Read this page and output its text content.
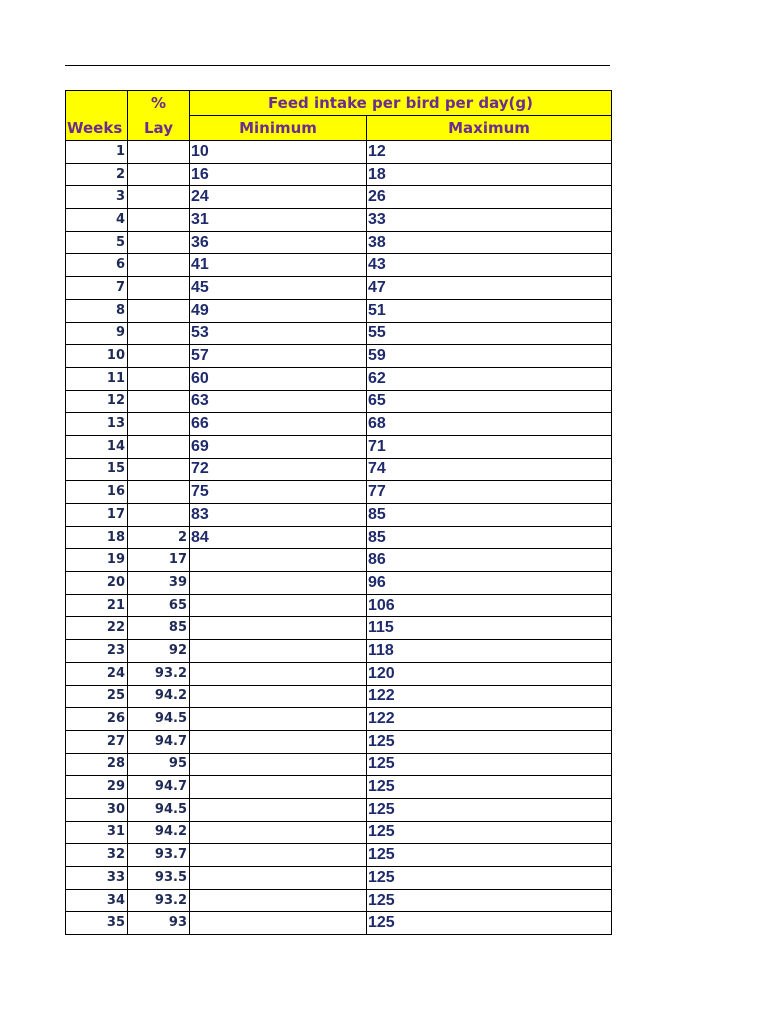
	%	Feed intake per bird per day(g)	
Weeks	Lay	Minimum	Maximum
1		10	12
2		16	18
3		24	26
4		31	33
5		36	38
6		41	43
7		45	47
8		49	51
9		53	55
10		57	59
11		60	62
12		63	65
13		66	68
14		69	71
15		72	74
16		75	77
17		83	85
18	2	84	85
19	17		86
20	39		96
21	65		106
22	85		115
23	92		118
24	93.2		120
25	94.2		122
26	94.5		122
27	94.7		125
28	95		125
29	94.7		125
30	94.5		125
31	94.2		125
32	93.7		125
33	93.5		125
34	93.2		125
35	93		125
